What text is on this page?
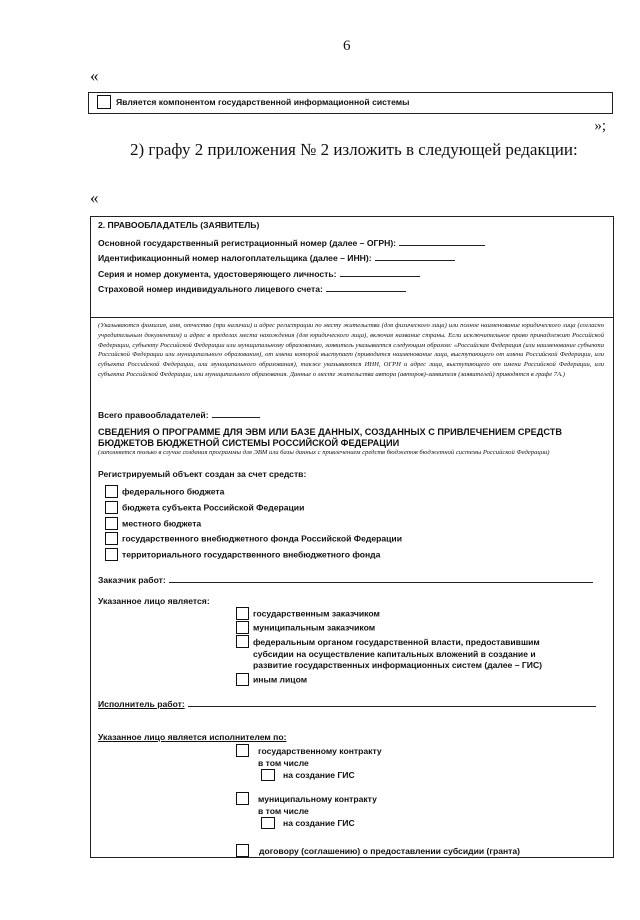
6
«
Является компонентом государственной информационной системы
»;
2) графу 2 приложения № 2 изложить в следующей редакции:
«
2. ПРАВООБЛАДАТЕЛЬ (ЗАЯВИТЕЛЬ)
Основной государственный регистрационный номер (далее – ОГРН):
Идентификационный номер налогоплательщика (далее – ИНН):
Серия и номер документа, удостоверяющего личность:
Страховой номер индивидуального лицевого счета:
(Указываются фамилия, имя, отчество (при наличии) и адрес регистрации по месту жительства (для физического лица) или полное наименование юридического лица (согласно учредительным документам) и адрес в пределах места нахождения (для юридического лица), включая название страны. Если исключительное право принадлежит Российской Федерации, субъекту Российской Федерации или муниципальному образованию, заявитель указывается следующим образом: «Российская Федерация (или наименование субъекта Российской Федерации или муниципального образования), от имени которой выступает (приводится наименование лица, выступающего от имени Российской Федерации, или субъекта Российской Федерации, или муниципального образования), также указываются ИНН, ОГРН и адрес лица, выступающего от имени Российской Федерации, или субъекта Российской Федерации, или муниципального образования. Данные о месте жительства автора (авторов)-заявителя (заявителей) приводятся в графе 7А.)
Всего правообладателей:
СВЕДЕНИЯ О ПРОГРАММЕ ДЛЯ ЭВМ ИЛИ БАЗЕ ДАННЫХ, СОЗДАННЫХ С ПРИВЛЕЧЕНИЕМ СРЕДСТВ БЮДЖЕТОВ БЮДЖЕТНОЙ СИСТЕМЫ РОССИЙСКОЙ ФЕДЕРАЦИИ
(заполняется только в случае создания программы для ЭВМ или базы данных с привлечением средств бюджетов бюджетной системы Российской Федерации)
Регистрируемый объект создан за счет средств:
федерального бюджета
бюджета субъекта Российской Федерации
местного бюджета
государственного внебюджетного фонда Российской Федерации
территориального государственного внебюджетного фонда
Заказчик работ:
Указанное лицо является:
государственным заказчиком
муниципальным заказчиком
федеральным органом государственной власти, предоставившим субсидии на осуществление капитальных вложений в создание и развитие государственных информационных систем (далее – ГИС)
иным лицом
Исполнитель работ:
Указанное лицо является исполнителем по:
государственному контракту
в том числе
на создание ГИС
муниципальному контракту
в том числе
на создание ГИС
договору (соглашению) о предоставлении субсидии (гранта)
